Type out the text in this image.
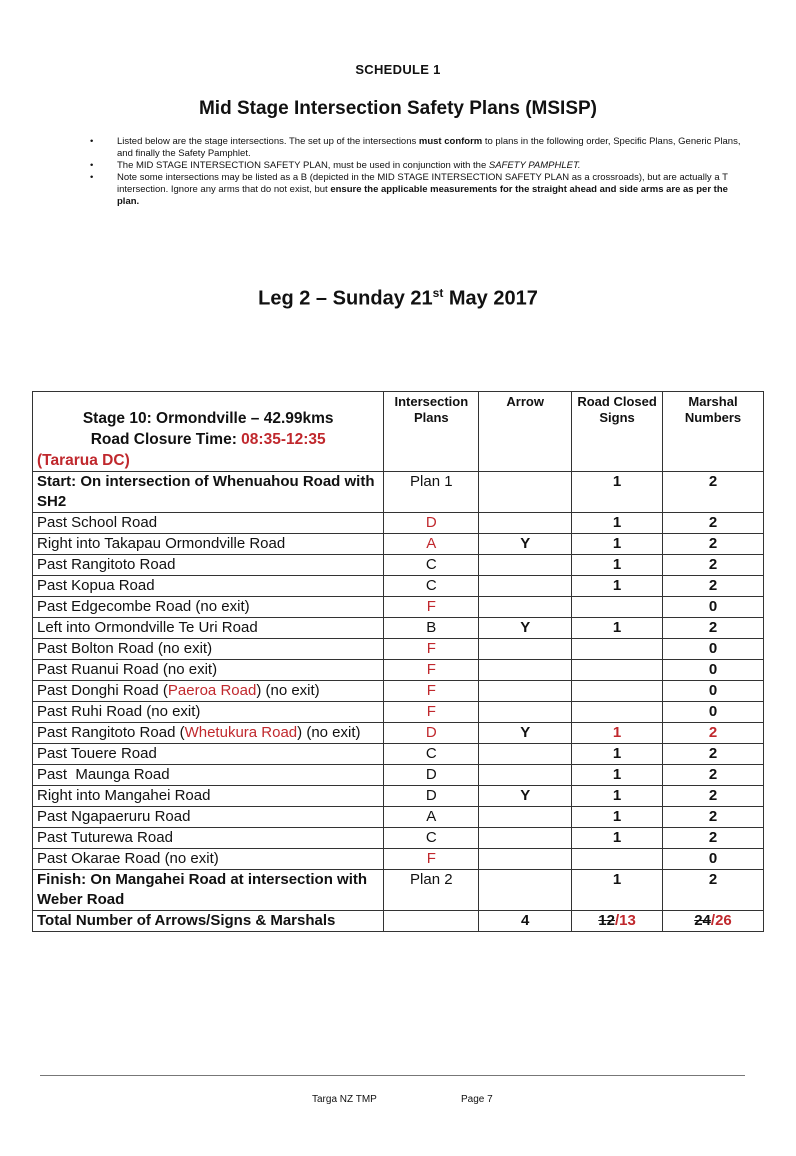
SCHEDULE 1
Mid Stage Intersection Safety Plans (MSISP)
• Listed below are the stage intersections. The set up of the intersections must conform to plans in the following order, Specific Plans, Generic Plans, and finally the Safety Pamphlet.
• The MID STAGE INTERSECTION SAFETY PLAN, must be used in conjunction with the SAFETY PAMPHLET.
• Note some intersections may be listed as a B (depicted in the MID STAGE INTERSECTION SAFETY PLAN as a crossroads), but are actually a T intersection. Ignore any arms that do not exist, but ensure the applicable measurements for the straight ahead and side arms are as per the plan.
Leg 2 – Sunday 21st May 2017
Stage 10: Ormondville – 42.99kms
Road Closure Time: 08:35-12:35
(Tararua DC)	Intersection Plans	Arrow	Road Closed Signs	Marshal Numbers
Start: On intersection of Whenuahou Road with SH2	Plan 1		1	2
Past School Road	D		1	2
Right into Takapau Ormondville Road	A	Y	1	2
Past Rangitoto Road	C		1	2
Past Kopua Road	C		1	2
Past Edgecombe Road (no exit)	F			0
Left into Ormondville Te Uri Road	B	Y	1	2
Past Bolton Road (no exit)	F			0
Past Ruanui Road (no exit)	F			0
Past Donghi Road (Paeroa Road) (no exit)	F			0
Past Ruhi Road (no exit)	F			0
Past Rangitoto Road (Whetukura Road) (no exit)	D	Y	1	2
Past Touere Road	C		1	2
Past  Maunga Road	D		1	2
Right into Mangahei Road	D	Y	1	2
Past Ngapaeruru Road	A		1	2
Past Tuturewa Road	C		1	2
Past Okarae Road (no exit)	F			0
Finish: On Mangahei Road at intersection with Weber Road	Plan 2		1	2
Total Number of Arrows/Signs & Marshals		4	12/13	24/26
Targa NZ TMP	Page 7
